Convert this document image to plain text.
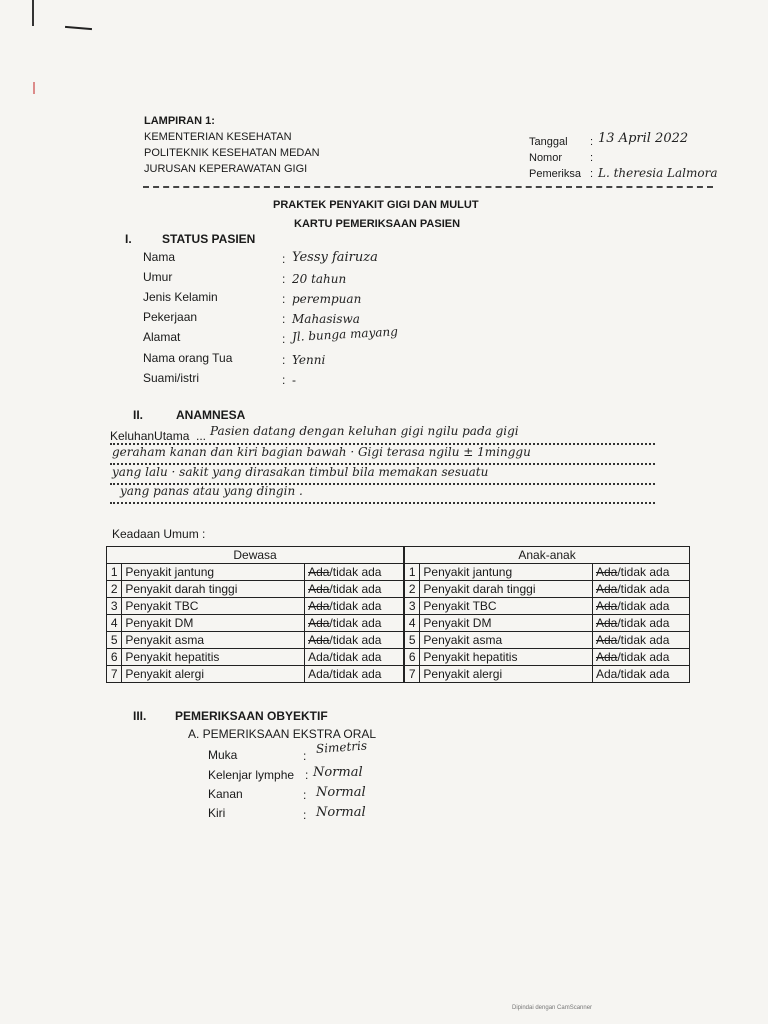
LAMPIRAN 1:
KEMENTERIAN KESEHATAN
POLITEKNIK KESEHATAN MEDAN
JURUSAN KEPERAWATAN GIGI
Tanggal : 13 April 2022
Nomor	:
Pemeriksa : L. theresia Lalmora
PRAKTEK PENYAKIT GIGI DAN MULUT
KARTU PEMERIKSAAN PASIEN
I.	STATUS PASIEN
Nama	: Yessy fairuza
Umur	: 20 tahun
Jenis Kelamin	: perempuan
Pekerjaan	: Mahasiswa
Alamat	: Jl. bunga mayang
Nama orang Tua	: Yenni
Suami/istri	: -
II.	ANAMNESA
KeluhanUtama ... Pasien datang dengan keluhan gigi ngilu pada gigi
geraham kanan dan kiri bagian bawah · Gigi terasa ngilu ± 1minggu
yang lalu · sakit yang dirasakan timbul bila memakan sesuatu
yang panas atau yang dingin .
Keadaan Umum :
Dewasa			Anak-anak		
1	Penyakit jantung	Ada/tidak ada		1	Penyakit jantung	Ada/tidak ada
2	Penyakit darah tinggi	Ada/tidak ada		2	Penyakit darah tinggi	Ada/tidak ada
3	Penyakit TBC	Ada/tidak ada		3	Penyakit TBC	Ada/tidak ada
4	Penyakit DM	Ada/tidak ada		4	Penyakit DM	Ada/tidak ada
5	Penyakit asma	Ada/tidak ada		5	Penyakit asma	Ada/tidak ada
6	Penyakit hepatitis	Ada/tidak ada		6	Penyakit hepatitis	Ada/tidak ada
7	Penyakit alergi	Ada/tidak ada		7	Penyakit alergi	Ada/tidak ada
III. PEMERIKSAAN OBYEKTIF
A. PEMERIKSAAN EKSTRA ORAL
Muka	:
Simetris
Kelenjar lymphe : Normal
Kanan	: Normal
Kiri	: Normal
Dipindai dengan CamScanner
